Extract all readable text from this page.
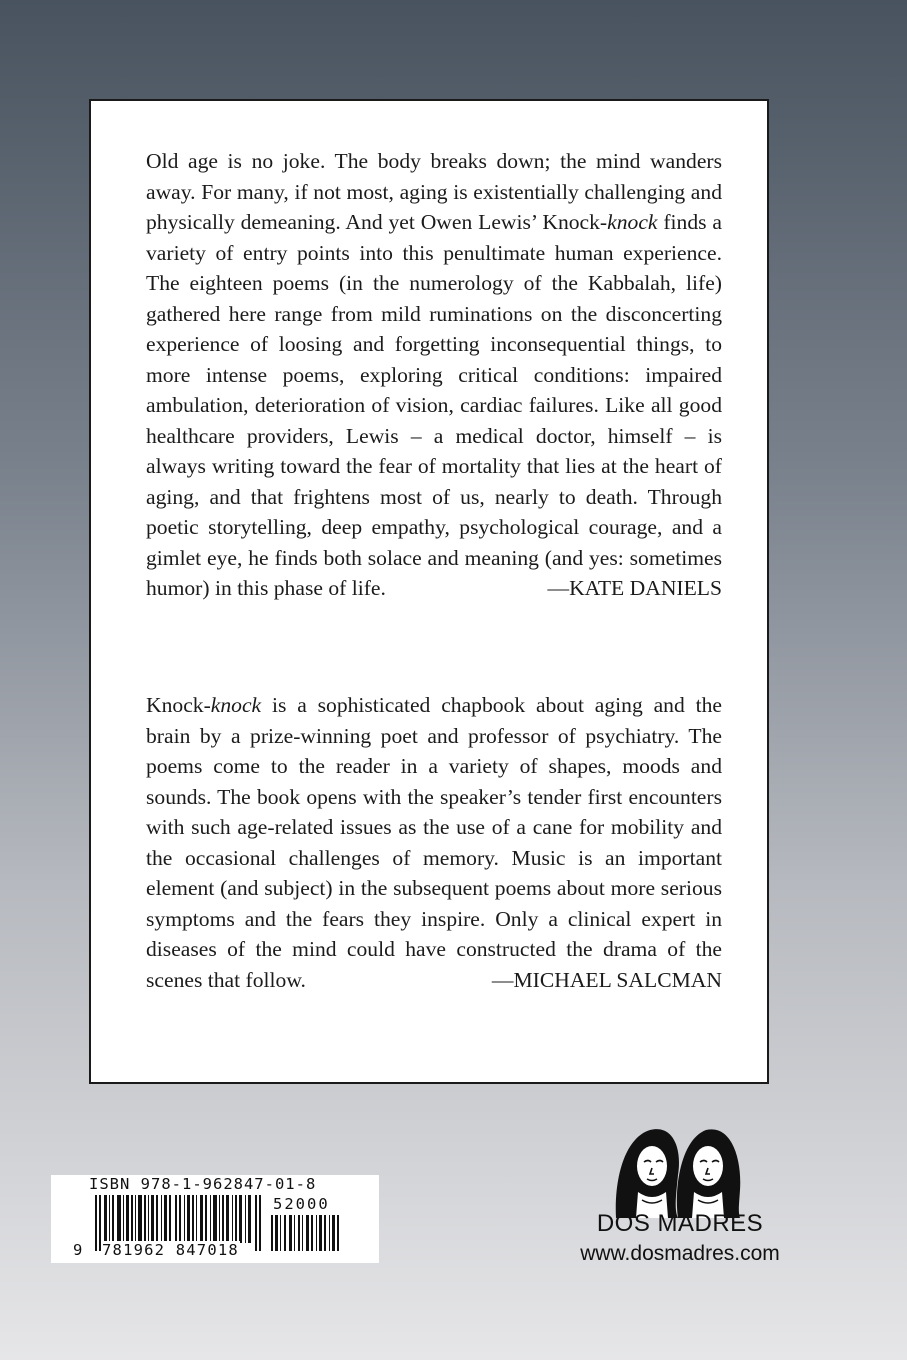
Old age is no joke. The body breaks down; the mind wanders away. For many, if not most, aging is existentially challenging and physically demeaning. And yet Owen Lewis’ Knock-knock finds a variety of entry points into this penultimate human experience. The eighteen poems (in the numerology of the Kabbalah, life) gathered here range from mild ruminations on the disconcerting experience of loosing and forgetting inconsequential things, to more intense poems, exploring critical conditions: impaired ambulation, deterioration of vision, cardiac failures. Like all good healthcare providers, Lewis – a medical doctor, himself – is always writing toward the fear of mortality that lies at the heart of aging, and that frightens most of us, nearly to death. Through poetic storytelling, deep empathy, psychological courage, and a gimlet eye, he finds both solace and meaning (and yes: sometimes humor) in this phase of life.	—KATE DANIELS

Knock-knock is a sophisticated chapbook about aging and the brain by a prize-winning poet and professor of psychiatry. The poems come to the reader in a variety of shapes, moods and sounds. The book opens with the speaker’s tender first encounters with such age-related issues as the use of a cane for mobility and the occasional challenges of memory. Music is an important element (and subject) in the subsequent poems about more serious symptoms and the fears they inspire. Only a clinical expert in diseases of the mind could have constructed the drama of the scenes that follow.	—MICHAEL SALCMAN

ISBN 978-1-962847-01-8
52000
9 781962 847018
DOS MADRES
www.dosmadres.com
